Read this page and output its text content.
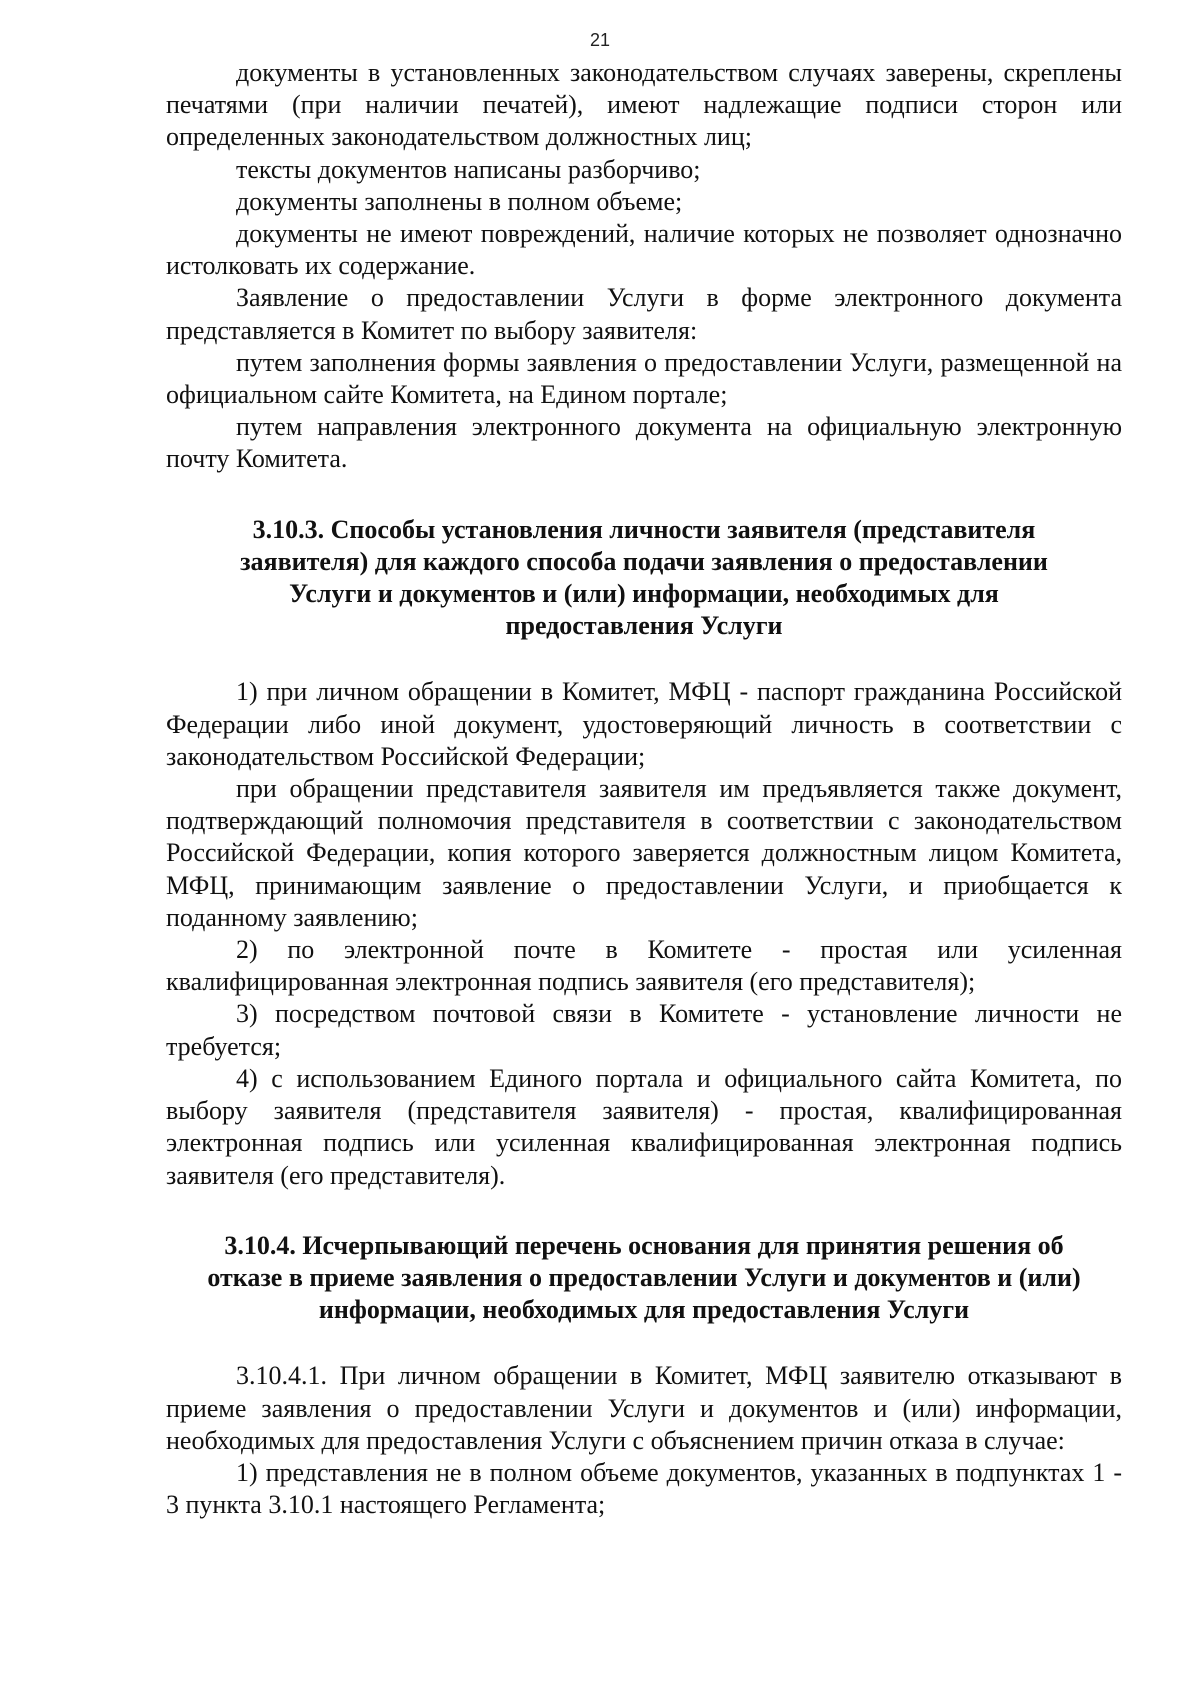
21

документы в установленных законодательством случаях заверены, скреплены печатями (при наличии печатей), имеют надлежащие подписи сторон или определенных законодательством должностных лиц;

тексты документов написаны разборчиво;

документы заполнены в полном объеме;

документы не имеют повреждений, наличие которых не позволяет однозначно истолковать их содержание.

Заявление о предоставлении Услуги в форме электронного документа представляется в Комитет по выбору заявителя:

путем заполнения формы заявления о предоставлении Услуги, размещенной на официальном сайте Комитета, на Едином портале;

путем направления электронного документа на официальную электронную почту Комитета.

3.10.3. Способы установления личности заявителя (представителя заявителя) для каждого способа подачи заявления о предоставлении Услуги и документов и (или) информации, необходимых для предоставления Услуги

1) при личном обращении в Комитет, МФЦ - паспорт гражданина Российской Федерации либо иной документ, удостоверяющий личность в соответствии с законодательством Российской Федерации;

при обращении представителя заявителя им предъявляется также документ, подтверждающий полномочия представителя в соответствии с законодательством Российской Федерации, копия которого заверяется должностным лицом Комитета, МФЦ, принимающим заявление о предоставлении Услуги, и приобщается к поданному заявлению;

2) по электронной почте в Комитете - простая или усиленная квалифицированная электронная подпись заявителя (его представителя);

3) посредством почтовой связи в Комитете - установление личности не требуется;

4) с использованием Единого портала и официального сайта Комитета, по выбору заявителя (представителя заявителя) - простая, квалифицированная электронная подпись или усиленная квалифицированная электронная подпись заявителя (его представителя).

3.10.4. Исчерпывающий перечень основания для принятия решения об отказе в приеме заявления о предоставлении Услуги и документов и (или) информации, необходимых для предоставления Услуги

3.10.4.1. При личном обращении в Комитет, МФЦ заявителю отказывают в приеме заявления о предоставлении Услуги и документов и (или) информации, необходимых для предоставления Услуги с объяснением причин отказа в случае:

1) представления не в полном объеме документов, указанных в подпунктах 1 - 3 пункта 3.10.1 настоящего Регламента;
